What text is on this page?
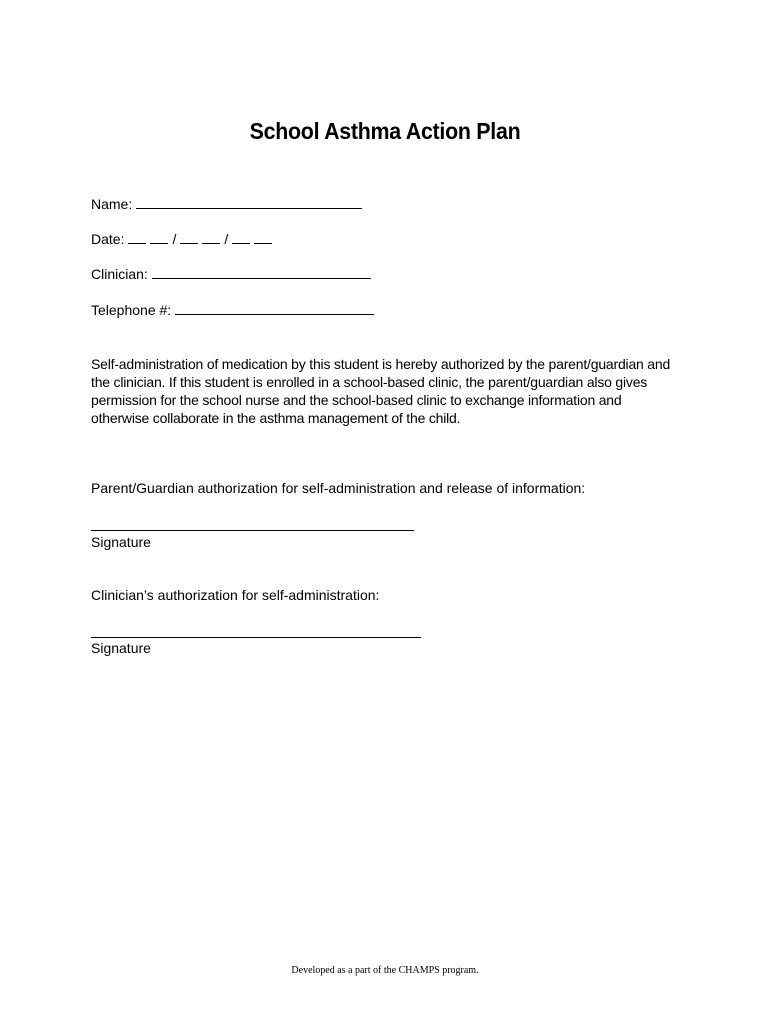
School Asthma Action Plan
Name:
Date:	/	/
Clinician:
Telephone #:
Self-administration of medication by this student is hereby authorized by the parent/guardian and the clinician. If this student is enrolled in a school-based clinic, the parent/guardian also gives permission for the school nurse and the school-based clinic to exchange information and otherwise collaborate in the asthma management of the child.
Parent/Guardian authorization for self-administration and release of information:
Signature
Clinician’s authorization for self-administration:
Signature
Developed as a part of the CHAMPS program.
